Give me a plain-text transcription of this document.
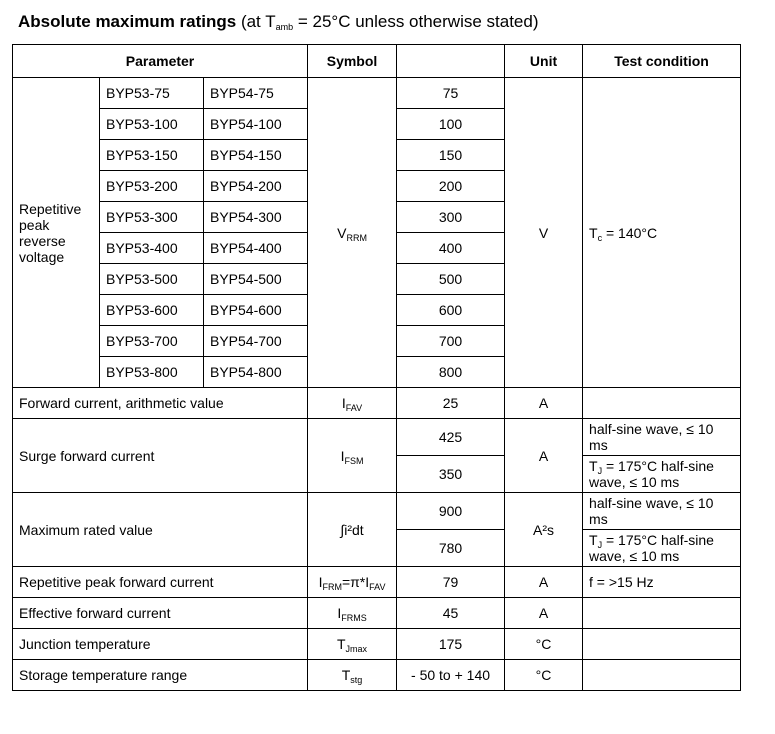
Absolute maximum ratings (at $T_{amb} = 25^\circ C$ unless otherwise stated)
Parameter			Symbol		Unit	Test condition
Repetitive peak reverse voltage	BYP53-75	BYP54-75	$V_{RRM}$	75	V	$T_c = 140^\circ C$
	BYP53-100	BYP54-100		100		
	BYP53-150	BYP54-150		150		
	BYP53-200	BYP54-200		200		
	BYP53-300	BYP54-300		300		
	BYP53-400	BYP54-400		400		
	BYP53-500	BYP54-500		500		
	BYP53-600	BYP54-600		600		
	BYP53-700	BYP54-700		700		
	BYP53-800	BYP54-800		800		
Forward current, arithmetic value			$I_{FAV}$	25	A	
Surge forward current			$I_{FSM}$	425	A	half-sine wave, ≤ 10 ms
				350		$T_J = 175^\circ C$ half-sine wave, ≤ 10 ms
Maximum rated value			∫i²dt	900	A²s	half-sine wave, ≤ 10 ms
				780		$T_J = 175^\circ C$ half-sine wave, ≤ 10 ms
Repetitive peak forward current			$I_{FRM}=\pi*I_{FAV}$	79	A	f = >15 Hz
Effective forward current			$I_{FRMS}$	45	A	
Junction temperature			$T_{Jmax}$	175	°C	
Storage temperature range			$T_{stg}$	- 50 to + 140	°C	
